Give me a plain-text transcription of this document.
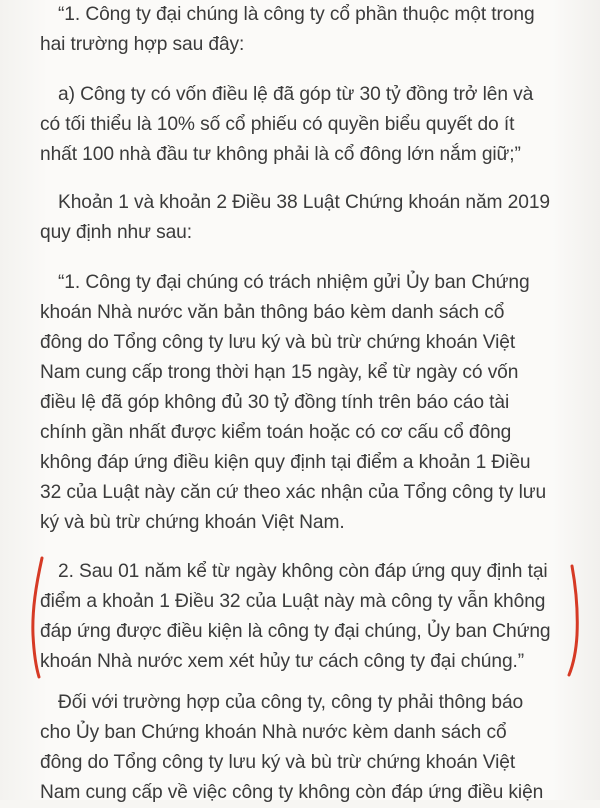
“1. Công ty đại chúng là công ty cổ phần thuộc một trong
hai trường hợp sau đây:
a) Công ty có vốn điều lệ đã góp từ 30 tỷ đồng trở lên và
có tối thiểu là 10% số cổ phiếu có quyền biểu quyết do ít
nhất 100 nhà đầu tư không phải là cổ đông lớn nắm giữ;”
Khoản 1 và khoản 2 Điều 38 Luật Chứng khoán năm 2019
quy định như sau:
“1. Công ty đại chúng có trách nhiệm gửi Ủy ban Chứng
khoán Nhà nước văn bản thông báo kèm danh sách cổ
đông do Tổng công ty lưu ký và bù trừ chứng khoán Việt
Nam cung cấp trong thời hạn 15 ngày, kể từ ngày có vốn
điều lệ đã góp không đủ 30 tỷ đồng tính trên báo cáo tài
chính gần nhất được kiểm toán hoặc có cơ cấu cổ đông
không đáp ứng điều kiện quy định tại điểm a khoản 1 Điều
32 của Luật này căn cứ theo xác nhận của Tổng công ty lưu
ký và bù trừ chứng khoán Việt Nam.
2. Sau 01 năm kể từ ngày không còn đáp ứng quy định tại
điểm a khoản 1 Điều 32 của Luật này mà công ty vẫn không
đáp ứng được điều kiện là công ty đại chúng, Ủy ban Chứng
khoán Nhà nước xem xét hủy tư cách công ty đại chúng.”
Đối với trường hợp của công ty, công ty phải thông báo
cho Ủy ban Chứng khoán Nhà nước kèm danh sách cổ
đông do Tổng công ty lưu ký và bù trừ chứng khoán Việt
Nam cung cấp về việc công ty không còn đáp ứng điều kiện
